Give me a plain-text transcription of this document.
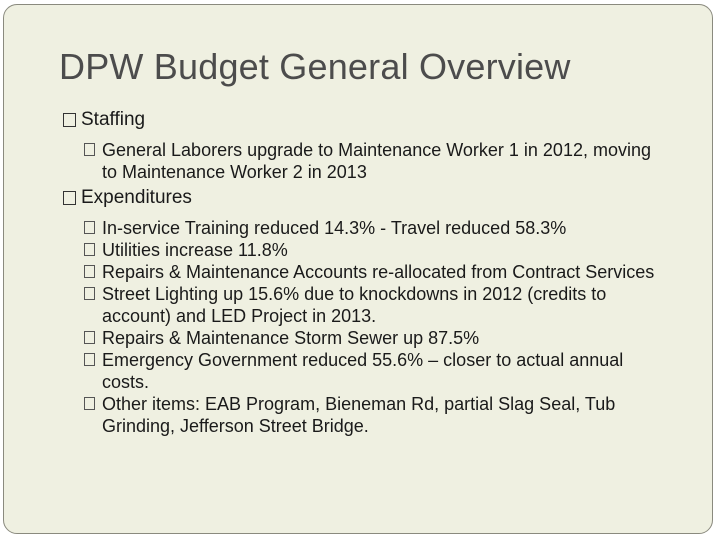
DPW Budget General Overview
Staffing
General Laborers upgrade to Maintenance Worker 1 in 2012, moving to Maintenance Worker 2 in 2013
Expenditures
In-service Training reduced 14.3% - Travel reduced 58.3%
Utilities increase 11.8%
Repairs & Maintenance Accounts re-allocated from Contract Services
Street Lighting up 15.6% due to knockdowns in 2012 (credits to account) and LED Project in 2013.
Repairs & Maintenance Storm Sewer up 87.5%
Emergency Government reduced 55.6% – closer to actual annual costs.
Other items: EAB Program, Bieneman Rd, partial Slag Seal, Tub Grinding, Jefferson Street Bridge.
